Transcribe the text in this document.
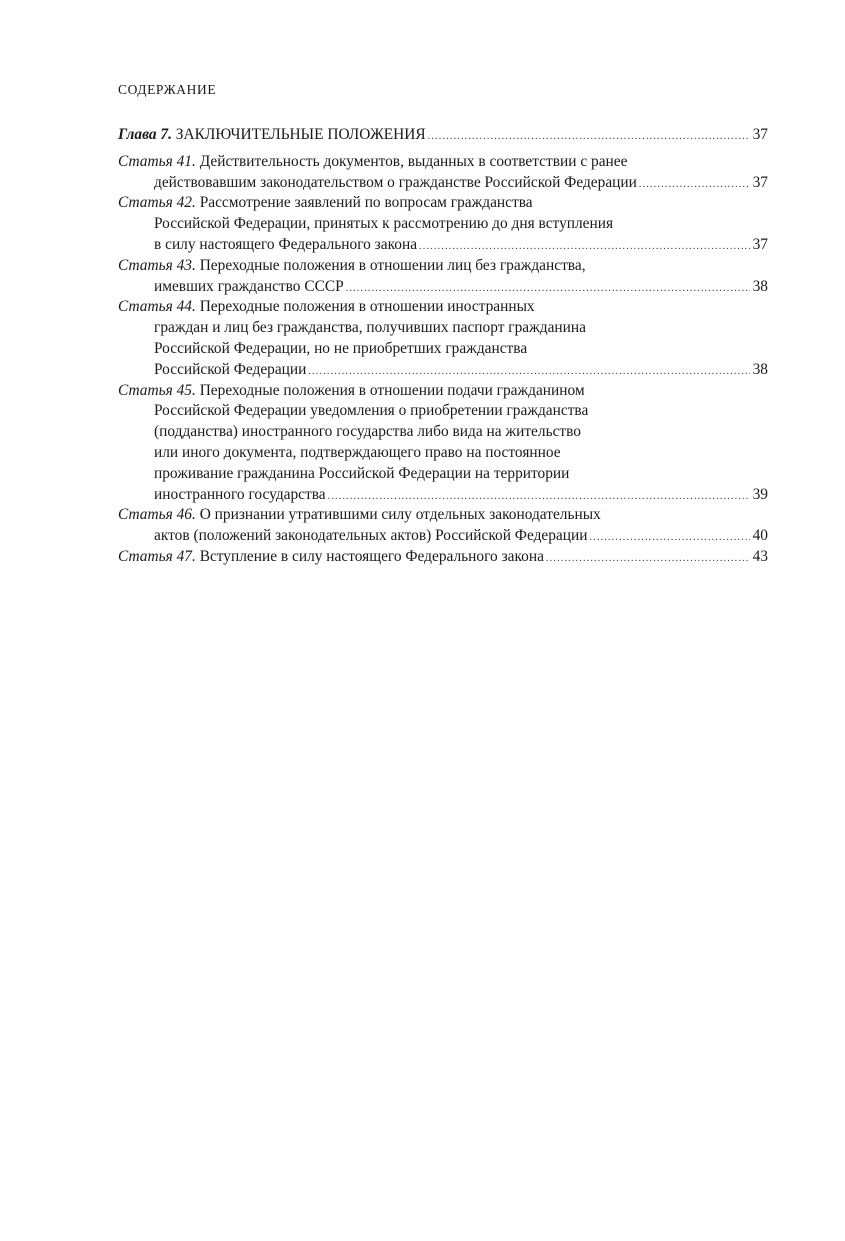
СОДЕРЖАНИЕ
Глава 7. ЗАКЛЮЧИТЕЛЬНЫЕ ПОЛОЖЕНИЯ .....	37
Статья 41. Действительность документов, выданных в соответствии с ранее
действовавшим законодательством о гражданстве Российской Федерации .....	37
Статья 42. Рассмотрение заявлений по вопросам гражданства
Российской Федерации, принятых к рассмотрению до дня вступления
в силу настоящего Федерального закона .....	37
Статья 43. Переходные положения в отношении лиц без гражданства,
имевших гражданство СССР .....	38
Статья 44. Переходные положения в отношении иностранных
граждан и лиц без гражданства, получивших паспорт гражданина
Российской Федерации, но не приобретших гражданства
Российской Федерации .....	38
Статья 45. Переходные положения в отношении подачи гражданином
Российской Федерации уведомления о приобретении гражданства
(подданства) иностранного государства либо вида на жительство
или иного документа, подтверждающего право на постоянное
проживание гражданина Российской Федерации на территории
иностранного государства .....	39
Статья 46. О признании утратившими силу отдельных законодательных
актов (положений законодательных актов) Российской Федерации .....	40
Статья 47. Вступление в силу настоящего Федерального закона .....	43
